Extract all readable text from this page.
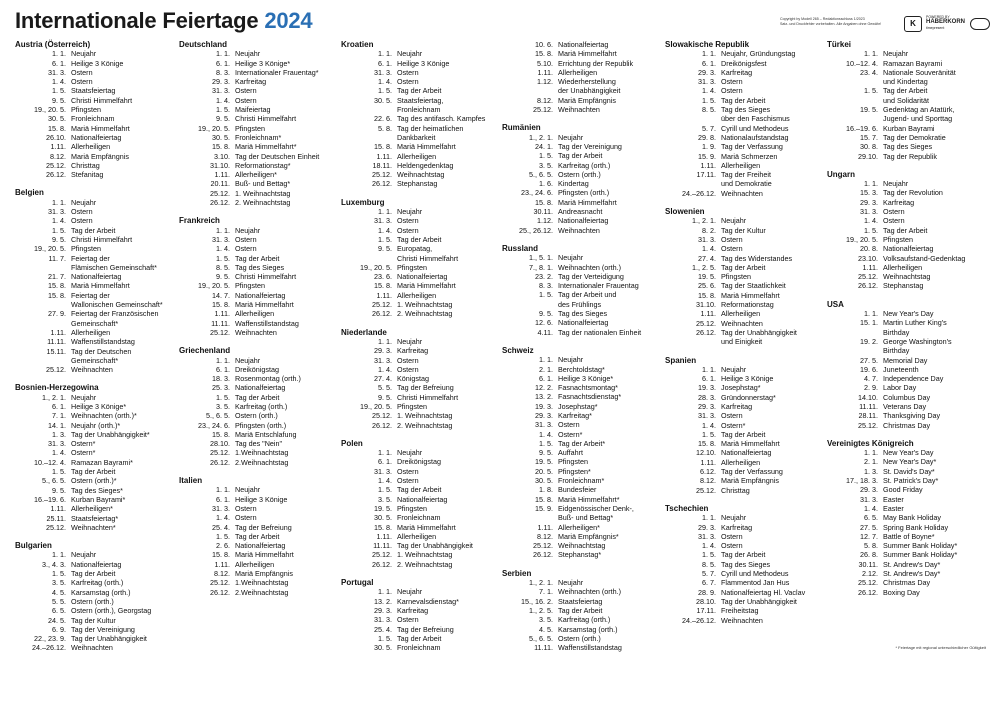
Internationale Feiertage 2024	Copyright by Modell 265 – Redaktionsschluss 1/2023
Satz- und Druckfehler vorbehalten. Alle Angaben ohne Gewähr!	K
POWERED BY
HÄBERKORN
timepresent
Austria (Österreich)
1. 1. Neujahr
6. 1. Heilige 3 Könige
31. 3. Ostern
1. 4. Ostern
1. 5. Staatsfeiertag
9. 5. Christi Himmelfahrt
19., 20. 5. Pfingsten
30. 5. Fronleichnam
15. 8. Mariä Himmelfahrt
26.10. Nationalfeiertag
1.11. Allerheiligen
8.12. Mariä Empfängnis
25.12. Christtag
26.12. Stefanitag
Belgien
1. 1. Neujahr
31. 3. Ostern
1. 4. Ostern
1. 5. Tag der Arbeit
9. 5. Christi Himmelfahrt
19., 20. 5. Pfingsten
11. 7. Feiertag der
Flämischen Gemeinschaft*
21. 7. Nationalfeiertag
15. 8. Mariä Himmelfahrt
15. 8. Feiertag der
Wallonischen Gemeinschaft*
27. 9. Feiertag der Französischen
Gemeinschaft*
1.11. Allerheiligen
11.11. Waffenstillstandstag
15.11. Tag der Deutschen
Gemeinschaft*
25.12. Weihnachten
Bosnien-Herzegowina
1., 2. 1. Neujahr
6. 1. Heilige 3 Könige*
7. 1. Weihnachten (orth.)*
14. 1. Neujahr (orth.)*
1. 3. Tag der Unabhängigkeit*
31. 3. Ostern*
1. 4. Ostern*
10.–12. 4. Ramazan Bayrami*
1. 5. Tag der Arbeit
5., 6. 5. Ostern (orth.)*
9. 5. Tag des Sieges*
16.–19. 6. Kurban Bayrami*
1.11. Allerheiligen*
25.11. Staatsfeiertag*
25.12. Weihnachten*
Bulgarien
1. 1. Neujahr
3., 4. 3. Nationalfeiertag
1. 5. Tag der Arbeit
3. 5. Karfreitag (orth.)
4. 5. Karsamstag (orth.)
5. 5. Ostern (orth.)
6. 5. Ostern (orth.), Georgstag
24. 5. Tag der Kultur
6. 9. Tag der Vereinigung
22., 23. 9. Tag der Unabhängigkeit
24.–26.12. Weihnachten
Deutschland
1. 1. Neujahr
6. 1. Heilige 3 Könige*
8. 3. Internationaler Frauentag*
29. 3. Karfreitag
31. 3. Ostern
1. 4. Ostern
1. 5. Maifeiertag
9. 5. Christi Himmelfahrt
19., 20. 5. Pfingsten
30. 5. Fronleichnam*
15. 8. Mariä Himmelfahrt*
3.10. Tag der Deutschen Einheit
31.10. Reformationstag*
1.11. Allerheiligen*
20.11. Buß- und Bettag*
25.12. 1. Weihnachtstag
26.12. 2. Weihnachtstag
Frankreich
1. 1. Neujahr
31. 3. Ostern
1. 4. Ostern
1. 5. Tag der Arbeit
8. 5. Tag des Sieges
9. 5. Christi Himmelfahrt
19., 20. 5. Pfingsten
14. 7. Nationalfeiertag
15. 8. Mariä Himmelfahrt
1.11. Allerheiligen
11.11. Waffenstillstandstag
25.12. Weihnachten
Griechenland
1. 1. Neujahr
6. 1. Dreikönigstag
18. 3. Rosenmontag (orth.)
25. 3. Nationalfeiertag
1. 5. Tag der Arbeit
3. 5. Karfreitag (orth.)
5., 6. 5. Ostern (orth.)
23., 24. 6. Pfingsten (orth.)
15. 8. Mariä Entschlafung
28.10. Tag des "Nein"
25.12. 1.Weihnachtstag
26.12. 2.Weihnachtstag
Italien
1. 1. Neujahr
6. 1. Heilige 3 Könige
31. 3. Ostern
1. 4. Ostern
25. 4. Tag der Befreiung
1. 5. Tag der Arbeit
2. 6. Nationalfeiertag
15. 8. Mariä Himmelfahrt
1.11. Allerheiligen
8.12. Mariä Empfängnis
25.12. 1.Weihnachtstag
26.12. 2.Weihnachtstag
Kroatien
1. 1. Neujahr
6. 1. Heilige 3 Könige
31. 3. Ostern
1. 4. Ostern
1. 5. Tag der Arbeit
30. 5. Staatsfeiertag,
Fronleichnam
22. 6. Tag des antifasch. Kampfes
5. 8. Tag der heimatlichen
Dankbarkeit
15. 8. Mariä Himmelfahrt
1.11. Allerheiligen
18.11. Heldengedenktag
25.12. Weihnachtstag
26.12. Stephanstag
Luxemburg
1. 1. Neujahr
31. 3. Ostern
1. 4. Ostern
1. 5. Tag der Arbeit
9. 5. Europatag,
Christi Himmelfahrt
19., 20. 5. Pfingsten
23. 6. Nationalfeiertag
15. 8. Mariä Himmelfahrt
1.11. Allerheiligen
25.12. 1. Weihnachtstag
26.12. 2. Weihnachtstag
Niederlande
1. 1. Neujahr
29. 3. Karfreitag
31. 3. Ostern
1. 4. Ostern
27. 4. Königstag
5. 5. Tag der Befreiung
9. 5. Christi Himmelfahrt
19., 20. 5. Pfingsten
25.12. 1. Weihnachtstag
26.12. 2. Weihnachtstag
Polen
1. 1. Neujahr
6. 1. Dreikönigstag
31. 3. Ostern
1. 4. Ostern
1. 5. Tag der Arbeit
3. 5. Nationalfeiertag
19. 5. Pfingsten
30. 5. Fronleichnam
15. 8. Mariä Himmelfahrt
1.11. Allerheiligen
11.11. Tag der Unabhängigkeit
25.12. 1. Weihnachtstag
26.12. 2. Weihnachtstag
Portugal
1. 1. Neujahr
13. 2. Karnevalsdienstag*
29. 3. Karfreitag
31. 3. Ostern
25. 4. Tag der Befreiung
1. 5. Tag der Arbeit
30. 5. Fronleichnam
10. 6. Nationalfeiertag
15. 8. Mariä Himmelfahrt
5.10. Errichtung der Republik
1.11. Allerheiligen
1.12. Wiederherstellung
der Unabhängigkeit
8.12. Mariä Empfängnis
25.12. Weihnachten
Rumänien
1., 2. 1. Neujahr
24. 1. Tag der Vereinigung
1. 5. Tag der Arbeit
3. 5. Karfreitag (orth.)
5., 6. 5. Ostern (orth.)
1. 6. Kindertag
23., 24. 6. Pfingsten (orth.)
15. 8. Mariä Himmelfahrt
30.11. Andreasnacht
1.12. Nationalfeiertag
25., 26.12. Weihnachten
Russland
1., 5. 1. Neujahr
7., 8. 1. Weihnachten (orth.)
23. 2. Tag der Verteidigung
8. 3. Internationaler Frauentag
1. 5. Tag der Arbeit und
des Frühlings
9. 5. Tag des Sieges
12. 6. Nationalfeiertag
4.11. Tag der nationalen Einheit
Schweiz
1. 1. Neujahr
2. 1. Berchtoldstag*
6. 1. Heilige 3 Könige*
12. 2. Fasnachtsmontag*
13. 2. Fasnachtsdienstag*
19. 3. Josephstag*
29. 3. Karfreitag*
31. 3. Ostern
1. 4. Ostern*
1. 5. Tag der Arbeit*
9. 5. Auffahrt
19. 5. Pfingsten
20. 5. Pfingsten*
30. 5. Fronleichnam*
1. 8. Bundesfeier
15. 8. Mariä Himmelfahrt*
15. 9. Eidgenössischer Denk-,
Buß- und Bettag*
1.11. Allerheiligen*
8.12. Mariä Empfängnis*
25.12. Weihnachtstag
26.12. Stephanstag*
Serbien
1., 2. 1. Neujahr
7. 1. Weihnachten (orth.)
15., 16. 2. Staatsfeiertag
1., 2. 5. Tag der Arbeit
3. 5. Karfreitag (orth.)
4. 5. Karsamstag (orth.)
5., 6. 5. Ostern (orth.)
11.11. Waffenstillstandstag
Slowakische Republik
1. 1. Neujahr, Gründungstag
6. 1. Dreikönigsfest
29. 3. Karfreitag
31. 3. Ostern
1. 4. Ostern
1. 5. Tag der Arbeit
8. 5. Tag des Sieges
über den Faschismus
5. 7. Cyrill und Methodeus
29. 8. Nationalaufstandstag
1. 9. Tag der Verfassung
15. 9. Mariä Schmerzen
1.11. Allerheiligen
17.11. Tag der Freiheit
und Demokratie
24.–26.12. Weihnachten
Slowenien
1., 2. 1. Neujahr
8. 2. Tag der Kultur
31. 3. Ostern
1. 4. Ostern
27. 4. Tag des Widerstandes
1., 2. 5. Tag der Arbeit
19. 5. Pfingsten
25. 6. Tag der Staatlichkeit
15. 8. Mariä Himmelfahrt
31.10. Reformationstag
1.11. Allerheiligen
25.12. Weihnachten
26.12. Tag der Unabhängigkeit
und Einigkeit
Spanien
1. 1. Neujahr
6. 1. Heilige 3 Könige
19. 3. Josephstag*
28. 3. Gründonnerstag*
29. 3. Karfreitag
31. 3. Ostern
1. 4. Ostern*
1. 5. Tag der Arbeit
15. 8. Mariä Himmelfahrt
12.10. Nationalfeiertag
1.11. Allerheiligen
6.12. Tag der Verfassung
8.12. Mariä Empfängnis
25.12. Christtag
Tschechien
1. 1. Neujahr
29. 3. Karfreitag
31. 3. Ostern
1. 4. Ostern
1. 5. Tag der Arbeit
8. 5. Tag des Sieges
5. 7. Cyrill und Methodeus
6. 7. Flammentod Jan Hus
28. 9. Nationalfeiertag Hl. Vaclav
28.10. Tag der Unabhängigkeit
17.11. Freiheitstag
24.–26.12. Weihnachten
Türkei
1. 1. Neujahr
10.–12. 4. Ramazan Bayrami
23. 4. Nationale Souveränität
und Kindertag
1. 5. Tag der Arbeit
und Solidarität
19. 5. Gedenktag an Atatürk,
Jugend- und Sporttag
16.–19. 6. Kurban Bayrami
15. 7. Tag der Demokratie
30. 8. Tag des Sieges
29.10. Tag der Republik
Ungarn
1. 1. Neujahr
15. 3. Tag der Revolution
29. 3. Karfreitag
31. 3. Ostern
1. 4. Ostern
1. 5. Tag der Arbeit
19., 20. 5. Pfingsten
20. 8. Nationalfeiertag
23.10. Volksaufstand-Gedenktag
1.11. Allerheiligen
25.12. Weihnachtstag
26.12. Stephanstag
USA
1. 1. New Year's Day
15. 1. Martin Luther King's
Birthday
19. 2. George Washington's
Birthday
27. 5. Memorial Day
19. 6. Juneteenth
4. 7. Independence Day
2. 9. Labor Day
14.10. Columbus Day
11.11. Veterans Day
28.11. Thanksgiving Day
25.12. Christmas Day
Vereinigtes Königreich
1. 1. New Year's Day
2. 1. New Year's Day*
1. 3. St. David's Day*
17., 18. 3. St. Patrick's Day*
29. 3. Good Friday
31. 3. Easter
1. 4. Easter
6. 5. May Bank Holiday
27. 5. Spring Bank Holiday
12. 7. Battle of Boyne*
5. 8. Summer Bank Holiday*
26. 8. Summer Bank Holiday*
30.11. St. Andrew's Day*
2.12. St. Andrew's Day*
25.12. Christmas Day
26.12. Boxing Day
* Feiertage mit regional unterschiedlicher Gültigkeit
